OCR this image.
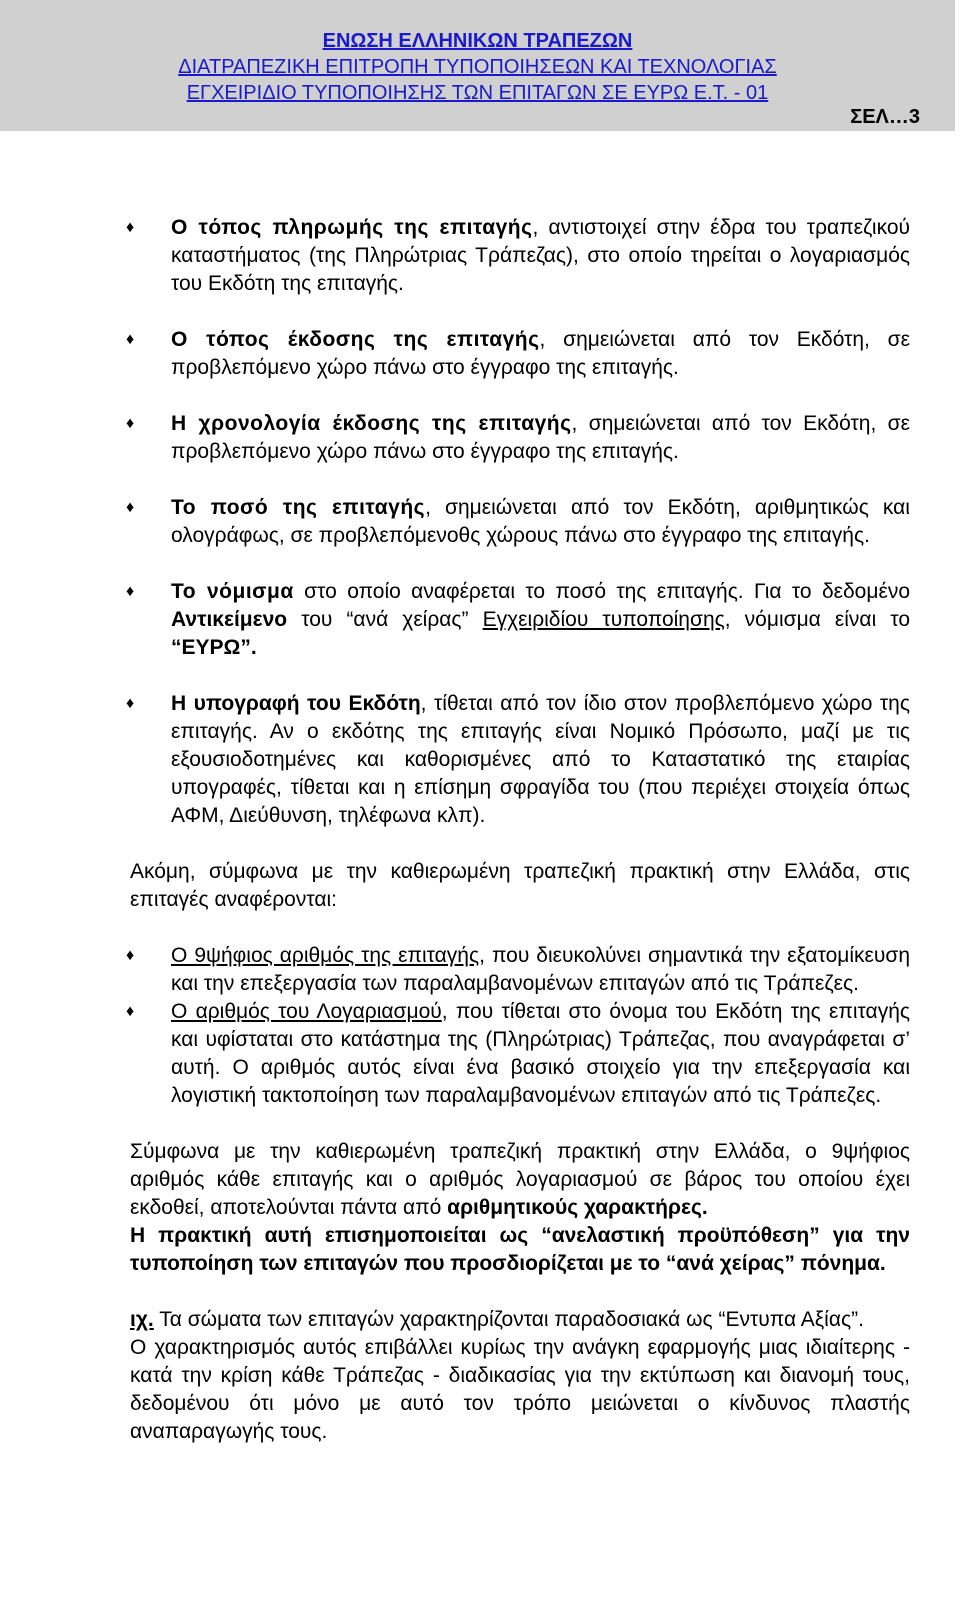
ΕΝΩΣΗ ΕΛΛΗΝΙΚΩΝ ΤΡΑΠΕΖΩΝ
ΔΙΑΤΡΑΠΕΖΙΚΗ ΕΠΙΤΡΟΠΗ ΤΥΠΟΠΟΙΗΣΕΩΝ ΚΑΙ ΤΕΧΝΟΛΟΓΙΑΣ
ΕΓΧΕΙΡΙΔΙΟ ΤΥΠΟΠΟΙΗΣΗΣ ΤΩΝ ΕΠΙΤΑΓΩΝ ΣΕ ΕΥΡΩ Ε.Τ. - 01
ΣΕΛ…3
♦ Ο τόπος πληρωμής της επιταγής, αντιστοιχεί στην έδρα του τραπεζικού καταστήματος (της Πληρώτριας Τράπεζας), στο οποίο τηρείται ο λογαριασμός του Εκδότη της επιταγής.
♦ Ο τόπος έκδοσης της επιταγής, σημειώνεται από τον Εκδότη, σε προβλεπόμενο χώρο πάνω στο έγγραφο της επιταγής.
♦ Η χρονολογία έκδοσης της επιταγής, σημειώνεται από τον Εκδότη, σε προβλεπόμενο χώρο πάνω στο έγγραφο της επιταγής.
♦ Το ποσό της επιταγής, σημειώνεται από τον Εκδότη, αριθμητικώς και ολογράφως, σε προβλεπόμενοθς χώρους πάνω στο έγγραφο της επιταγής.
♦ Το νόμισμα στο οποίο αναφέρεται το ποσό της επιταγής. Για το δεδομένο Αντικείμενο του “ανά χείρας” Εγχειριδίου τυποποίησης, νόμισμα είναι το “ΕΥΡΩ”.
♦ Η υπογραφή του Εκδότη, τίθεται από τον ίδιο στον προβλεπόμενο χώρο της επιταγής. Αν ο εκδότης της επιταγής είναι Νομικό Πρόσωπο, μαζί με τις εξουσιοδοτημένες και καθορισμένες από το Καταστατικό της εταιρίας υπογραφές, τίθεται και η επίσημη σφραγίδα του (που περιέχει στοιχεία όπως ΑΦΜ, Διεύθυνση, τηλέφωνα κλπ).
Ακόμη, σύμφωνα με την καθιερωμένη τραπεζική πρακτική στην Ελλάδα, στις επιταγές αναφέρονται:
♦ Ο 9ψήφιος αριθμός της επιταγής, που διευκολύνει σημαντικά την εξατομίκευση και την επεξεργασία των παραλαμβανομένων επιταγών από τις Τράπεζες.
♦ Ο αριθμός του Λογαριασμού, που τίθεται στο όνομα του Εκδότη της επιταγής και υφίσταται στο κατάστημα της (Πληρώτριας) Τράπεζας, που αναγράφεται σ’ αυτή. Ο αριθμός αυτός είναι ένα βασικό στοιχείο για την επεξεργασία και λογιστική τακτοποίηση των παραλαμβανομένων επιταγών από τις Τράπεζες.
Σύμφωνα με την καθιερωμένη τραπεζική πρακτική στην Ελλάδα, ο 9ψήφιος αριθμός κάθε επιταγής και ο αριθμός λογαριασμού σε βάρος του οποίου έχει εκδοθεί, αποτελούνται πάντα από αριθμητικούς χαρακτήρες.
Η πρακτική αυτή επισημοποιείται ως “ανελαστική προϋπόθεση” για την τυποποίηση των επιταγών που προσδιορίζεται με το “ανά χείρας” πόνημα.
ιχ. Τα σώματα των επιταγών χαρακτηρίζονται παραδοσιακά ως “Εντυπα Αξίας”.
Ο χαρακτηρισμός αυτός επιβάλλει κυρίως την ανάγκη εφαρμογής μιας ιδιαίτερης - κατά την κρίση κάθε Τράπεζας - διαδικασίας για την εκτύπωση και διανομή τους, δεδομένου ότι μόνο με αυτό τον τρόπο μειώνεται ο κίνδυνος πλαστής αναπαραγωγής τους.
